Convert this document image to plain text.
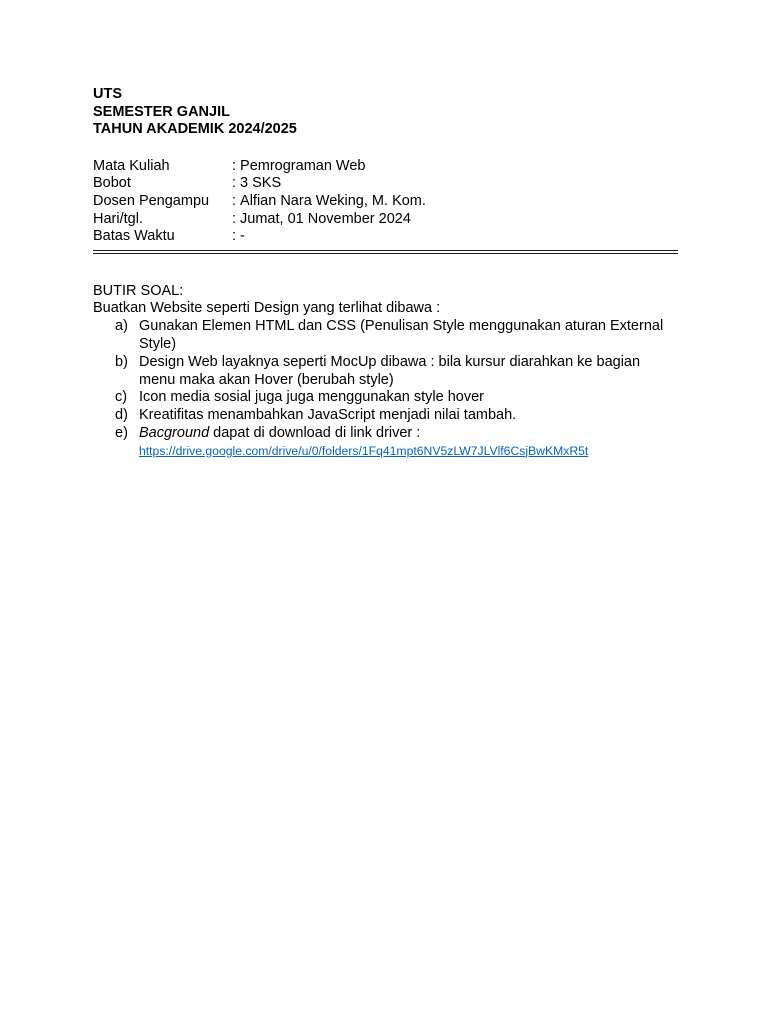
UTS
SEMESTER GANJIL
TAHUN AKADEMIK 2024/2025
Mata Kuliah	: Pemrograman Web
Bobot	: 3 SKS
Dosen Pengampu	: Alfian Nara Weking, M. Kom.
Hari/tgl.	: Jumat, 01 November 2024
Batas Waktu	: -
BUTIR SOAL:
Buatkan Website seperti Design yang terlihat dibawa :
a) Gunakan Elemen HTML dan CSS (Penulisan Style menggunakan aturan External Style)
b) Design Web layaknya seperti MocUp dibawa : bila kursur diarahkan ke bagian menu maka akan Hover (berubah style)
c) Icon media sosial juga juga menggunakan style hover
d) Kreatifitas menambahkan JavaScript menjadi nilai tambah.
e) Bacground dapat di download di link driver :
https://drive.google.com/drive/u/0/folders/1Fq41mpt6NV5zLW7JLVlf6CsjBwKMxR5t
